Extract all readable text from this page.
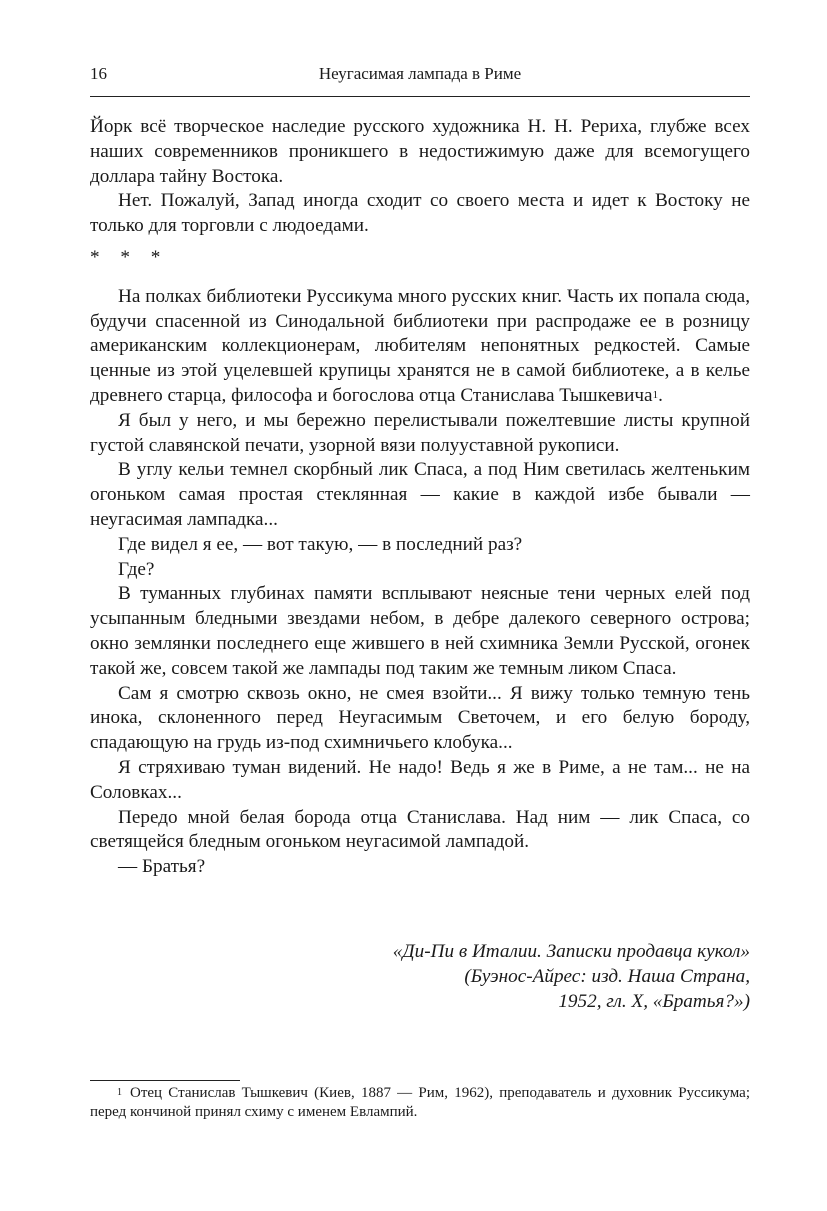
16	Неугасимая лампада в Риме

Йорк всё творческое наследие русского художника Н. Н. Рериха, глубже всех наших современников проникшего в недостижимую даже для всемогущего доллара тайну Востока.

Нет. Пожалуй, Запад иногда сходит со своего места и идет к Востоку не только для торговли с людоедами.

* * *

На полках библиотеки Руссикума много русских книг. Часть их попала сюда, будучи спасенной из Синодальной библиотеки при распродаже ее в розницу американским коллекционерам, любителям непонятных редкостей. Самые ценные из этой уцелевшей крупицы хранятся не в самой библиотеке, а в келье древнего старца, философа и богослова отца Станислава Тышкевича$^1$.

Я был у него, и мы бережно перелистывали пожелтевшие листы крупной густой славянской печати, узорной вязи полууставной рукописи.

В углу кельи темнел скорбный лик Спаса, а под Ним светилась желтеньким огоньком самая простая стеклянная — какие в каждой избе бывали — неугасимая лампадка...

Где видел я ее, — вот такую, — в последний раз?

Где?

В туманных глубинах памяти всплывают неясные тени черных елей под усыпанным бледными звездами небом, в дебре далекого северного острова; окно землянки последнего еще жившего в ней схимника Земли Русской, огонек такой же, совсем такой же лампады под таким же темным ликом Спаса.

Сам я смотрю сквозь окно, не смея взойти... Я вижу только темную тень инока, склоненного перед Неугасимым Светочем, и его белую бороду, спадающую на грудь из-под схимничьего клобука...

Я стряхиваю туман видений. Не надо! Ведь я же в Риме, а не там... не на Соловках...

Передо мной белая борода отца Станислава. Над ним — лик Спаса, со светящейся бледным огоньком неугасимой лампадой.

— Братья?

«Ди-Пи в Италии. Записки продавца кукол»
(Буэнос-Айрес: изд. Наша Страна,
1952, гл. X, «Братья?»)
$^1$ Отец Станислав Тышкевич (Киев, 1887 — Рим, 1962), преподаватель и духовник Руссикума; перед кончиной принял схиму с именем Евлампий.
